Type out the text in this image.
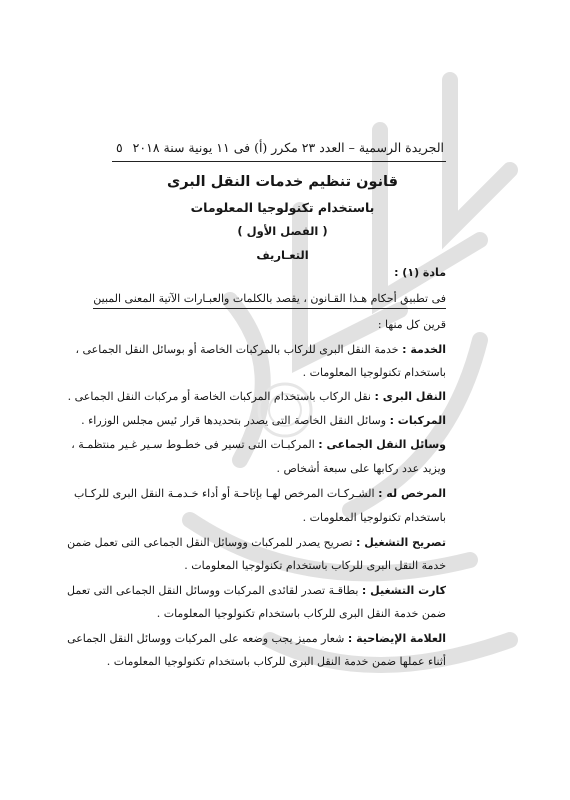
الجريدة الرسمية – العدد ٢٣ مكرر (أ) فى ١١ يونية سنة ٢٠١٨
٥
قانون تنظيم خدمات النقل البرى
باستخدام تكنولوجيا المعلومات
( الفصل الأول )
التعـاريف
مادة (١) :
فى تطبيق أحكام هـذا القـانون ، يقصد بالكلمات والعبـارات الآتية المعنى المبين
قرين كل منها :
الخدمة : خدمة النقل البرى للركاب بالمركبات الخاصة أو بوسائل النقل الجماعى ،
باستخدام تكنولوجيا المعلومات .
النقل البرى : نقل الركاب باستخدام المركبات الخاصة أو مركبات النقل الجماعى .
المركبات : وسائل النقل الخاصة التى يصدر بتحديدها قرار ئيس مجلس الوزراء .
وسائل النقل الجماعى : المركبـات التى تسير فى خطـوط سـير غـير منتظمـة ،
ويزيد عدد ركابها على سبعة أشخاص .
المرخص له : الشـركـات المرخص لهـا بإتاحـة أو أداء خـدمـة النقل البرى للركـاب
باستخدام تكنولوجيا المعلومات .
تصريح التشغيل : تصريح يصدر للمركبات ووسائل النقل الجماعى التى تعمل ضمن
خدمة النقل البرى للركاب باستخدام تكنولوجيا المعلومات .
كارت التشغيل : بطاقـة تصدر لقائدى المركبات ووسائل النقل الجماعى التى تعمل
ضمن خدمة النقل البرى للركاب باستخدام تكنولوجيا المعلومات .
العلامة الإيضاحية : شعار مميز يجب وضعه على المركبات ووسائل النقل الجماعى
أثناء عملها ضمن خدمة النقل البرى للركاب باستخدام تكنولوجيا المعلومات .
